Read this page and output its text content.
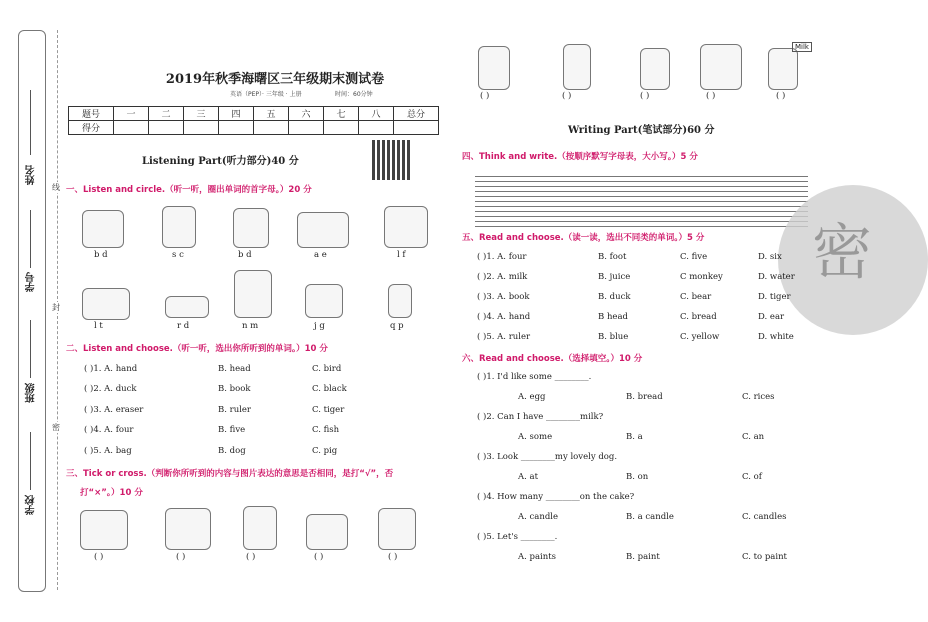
姓名
学号
班级
学校
线
封
密
2019年秋季海曙区三年级期末测试卷
英语（PEP）· 三年级 · 上册	时间：60分钟
题号	一	二	三	四	五	六	七	八	总分
得分									
Listening Part(听力部分)40 分
一、Listen and circle.（听一听，圈出单词的首字母。）20 分
b d	s c	b d	a e	l f
l t	r d	n m	j g	q p
二、Listen and choose.（听一听，选出你所听到的单词。）10 分
( )1. A. hand	B. head	C. bird
( )2. A. duck	B. book	C. black
( )3. A. eraser	B. ruler	C. tiger
( )4. A. four	B. five	C. fish
( )5. A. bag	B. dog	C. pig
三、Tick or cross.（判断你所听到的内容与图片表达的意思是否相同，是打“√”，否
打“×”。）10 分
( )	( )	( )	( )	( )
Milk
( )	( )	( )	( )	( )
Writing Part(笔试部分)60 分
四、Think and write.（按顺序默写字母表，大小写。）5 分
密
五、Read and choose.（读一读，选出不同类的单词。）5 分
( )1. A. four	B. foot	C. five	D. six
( )2. A. milk	B. juice	C monkey	D. water
( )3. A. book	B. duck	C. bear	D. tiger
( )4. A. hand	B head	C. bread	D. ear
( )5. A. ruler	B. blue	C. yellow	D. white
六、Read and choose.（选择填空。）10 分
( )1. I'd like some ________.
A. egg	B. bread	C. rices
( )2. Can I have ________milk?
A. some	B. a	C. an
( )3. Look ________my lovely dog.
A. at	B. on	C. of
( )4. How many ________on the cake?
A. candle	B. a candle	C. candles
( )5. Let's ________.
A. paints	B. paint	C. to paint
